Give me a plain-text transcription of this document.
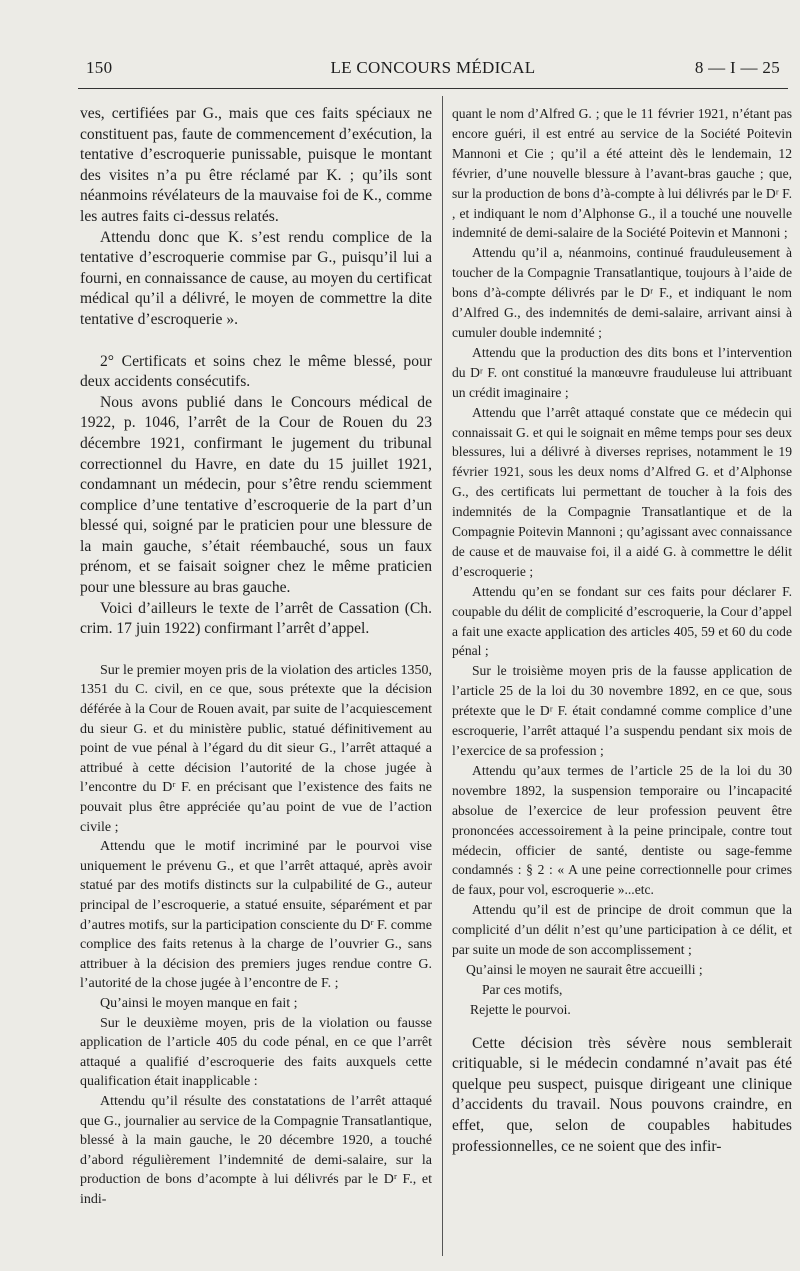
150	LE CONCOURS MÉDICAL	8 — I — 25

ves, certifiées par G., mais que ces faits spéciaux ne constituent pas, faute de commencement d’exécution, la tentative d’escroquerie punissable, puisque le montant des visites n’a pu être réclamé par K. ; qu’ils sont néanmoins révélateurs de la mauvaise foi de K., comme les autres faits ci-dessus relatés.

Attendu donc que K. s’est rendu complice de la tentative d’escroquerie commise par G., puisqu’il lui a fourni, en connaissance de cause, au moyen du certificat médical qu’il a délivré, le moyen de commettre la dite tentative d’escroquerie ».

2° Certificats et soins chez le même blessé, pour deux accidents consécutifs.

Nous avons publié dans le Concours médical de 1922, p. 1046, l’arrêt de la Cour de Rouen du 23 décembre 1921, confirmant le jugement du tribunal correctionnel du Havre, en date du 15 juillet 1921, condamnant un médecin, pour s’être rendu sciemment complice d’une tentative d’escroquerie de la part d’un blessé qui, soigné par le praticien pour une blessure de la main gauche, s’était réembauché, sous un faux prénom, et se faisait soigner chez le même praticien pour une blessure au bras gauche.

Voici d’ailleurs le texte de l’arrêt de Cassation (Ch. crim. 17 juin 1922) confirmant l’arrêt d’appel.

Sur le premier moyen pris de la violation des articles 1350, 1351 du C. civil, en ce que, sous prétexte que la décision déférée à la Cour de Rouen avait, par suite de l’acquiescement du sieur G. et du ministère public, statué définitivement au point de vue pénal à l’égard du dit sieur G., l’arrêt attaqué a attribué à cette décision l’autorité de la chose jugée à l’encontre du Dʳ F. en précisant que l’existence des faits ne pouvait plus être appréciée qu’au point de vue de l’action civile ;

Attendu que le motif incriminé par le pourvoi vise uniquement le prévenu G., et que l’arrêt attaqué, après avoir statué par des motifs distincts sur la culpabilité de G., auteur principal de l’escroquerie, a statué ensuite, séparément et par d’autres motifs, sur la participation consciente du Dʳ F. comme complice des faits retenus à la charge de l’ouvrier G., sans attribuer à la décision des premiers juges rendue contre G. l’autorité de la chose jugée à l’encontre de F. ;

Qu’ainsi le moyen manque en fait ;

Sur le deuxième moyen, pris de la violation ou fausse application de l’article 405 du code pénal, en ce que l’arrêt attaqué a qualifié d’escroquerie des faits auxquels cette qualification était inapplicable :

Attendu qu’il résulte des constatations de l’arrêt attaqué que G., journalier au service de la Compagnie Transatlantique, blessé à la main gauche, le 20 décembre 1920, a touché d’abord régulièrement l’indemnité de demi-salaire, sur la production de bons d’acompte à lui délivrés par le Dʳ F., et indi-

quant le nom d’Alfred G. ; que le 11 février 1921, n’étant pas encore guéri, il est entré au service de la Société Poitevin Mannoni et Cie ; qu’il a été atteint dès le lendemain, 12 février, d’une nouvelle blessure à l’avant-bras gauche ; que, sur la production de bons d’à-compte à lui délivrés par le Dʳ F. , et indiquant le nom d’Alphonse G., il a touché une nouvelle indemnité de demi-salaire de la Société Poitevin et Mannoni ;

Attendu qu’il a, néanmoins, continué frauduleusement à toucher de la Compagnie Transatlantique, toujours à l’aide de bons d’à-compte délivrés par le Dʳ F., et indiquant le nom d’Alfred G., des indemnités de demi-salaire, arrivant ainsi à cumuler double indemnité ;

Attendu que la production des dits bons et l’intervention du Dʳ F. ont constitué la manœuvre frauduleuse lui attribuant un crédit imaginaire ;

Attendu que l’arrêt attaqué constate que ce médecin qui connaissait G. et qui le soignait en même temps pour ses deux blessures, lui a délivré à diverses reprises, notamment le 19 février 1921, sous les deux noms d’Alfred G. et d’Alphonse G., des certificats lui permettant de toucher à la fois des indemnités de la Compagnie Transatlantique et de la Compagnie Poitevin Mannoni ; qu’agissant avec connaissance de cause et de mauvaise foi, il a aidé G. à commettre le délit d’escroquerie ;

Attendu qu’en se fondant sur ces faits pour déclarer F. coupable du délit de complicité d’escroquerie, la Cour d’appel a fait une exacte application des articles 405, 59 et 60 du code pénal ;

Sur le troisième moyen pris de la fausse application de l’article 25 de la loi du 30 novembre 1892, en ce que, sous prétexte que le Dʳ F. était condamné comme complice d’une escroquerie, l’arrêt attaqué l’a suspendu pendant six mois de l’exercice de sa profession ;

Attendu qu’aux termes de l’article 25 de la loi du 30 novembre 1892, la suspension temporaire ou l’incapacité absolue de l’exercice de leur profession peuvent être prononcées accessoirement à la peine principale, contre tout médecin, officier de santé, dentiste ou sage-femme condamnés : § 2 : « A une peine correctionnelle pour crimes de faux, pour vol, escroquerie »...etc.

Attendu qu’il est de principe de droit commun que la complicité d’un délit n’est qu’une participation à ce délit, et par suite un mode de son accomplissement ;

Qu’ainsi le moyen ne saurait être accueilli ;

Par ces motifs,

Rejette le pourvoi.

Cette décision très sévère nous semblerait critiquable, si le médecin condamné n’avait pas été quelque peu suspect, puisque dirigeant une clinique d’accidents du travail. Nous pouvons craindre, en effet, que, selon de coupables habitudes professionnelles, ce ne soient que des infir-
